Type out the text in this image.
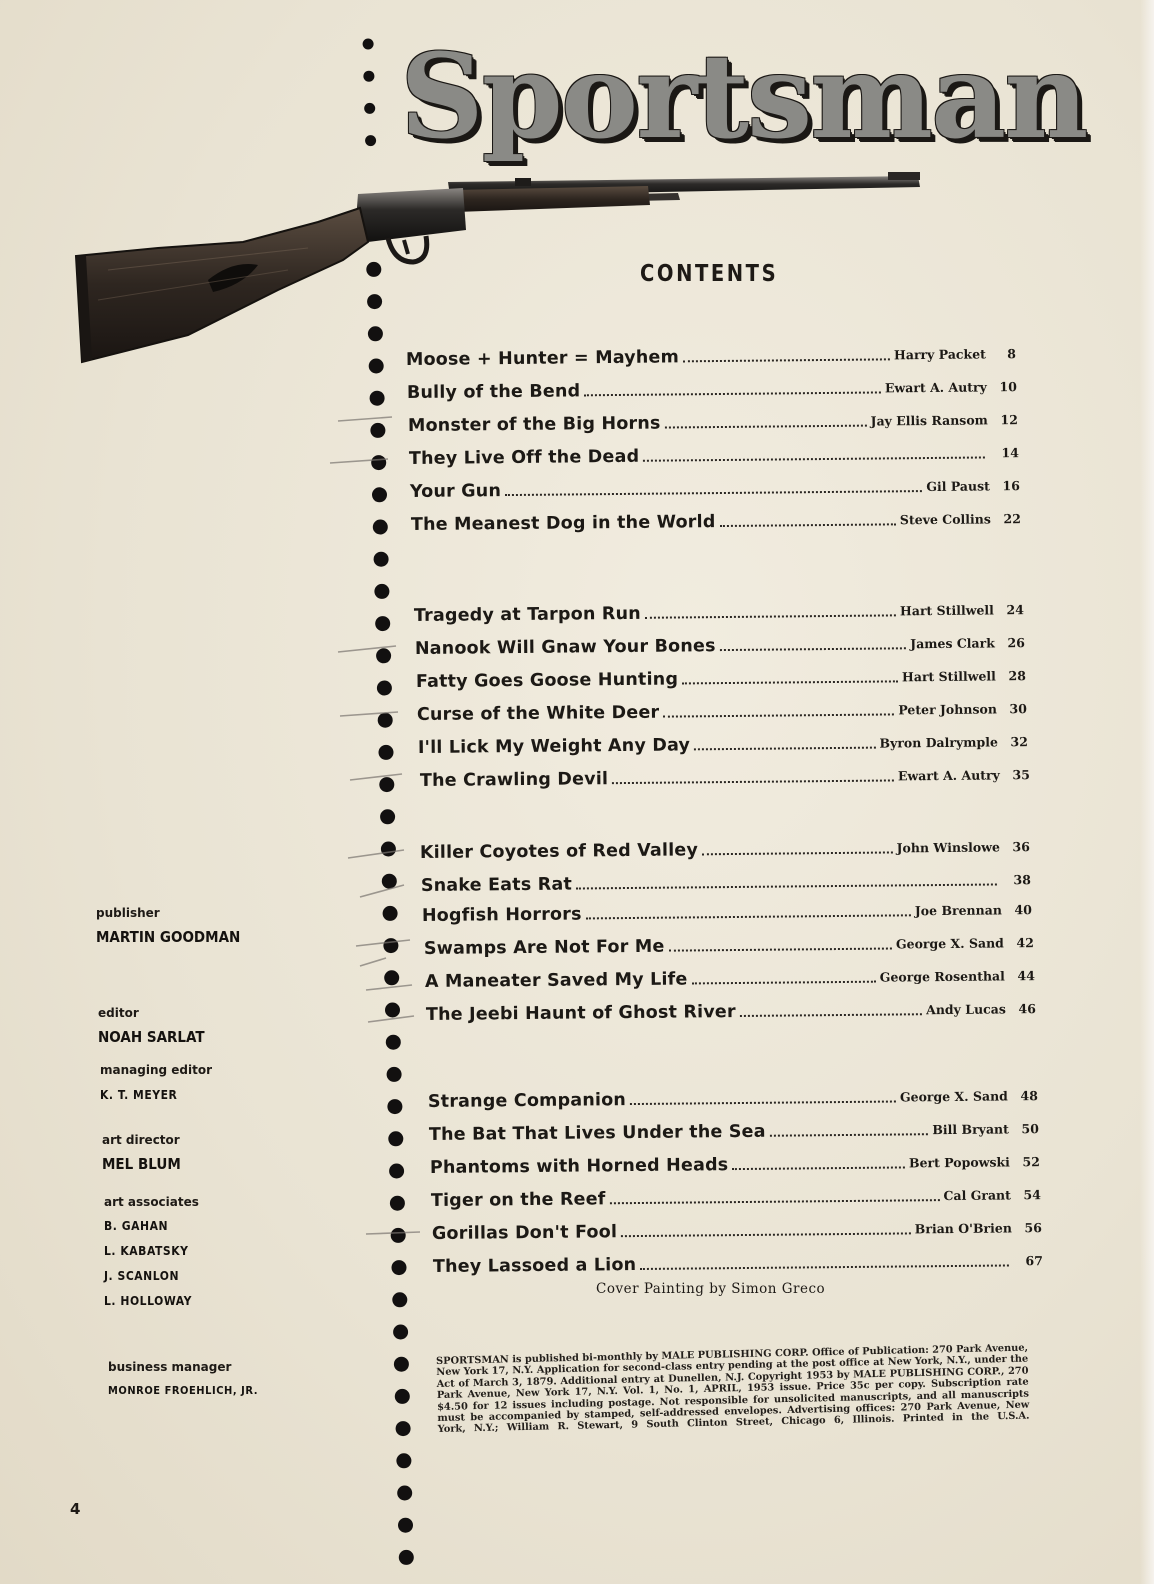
Sportsman
CONTENTS
Moose + Hunter = Mayhem	Harry Packet	8
Bully of the Bend	Ewart A. Autry 10
Monster of the Big Horns	Jay Ellis Ransom 12
They Live Off the Dead	14
Your Gun	Gil Paust 16
The Meanest Dog in the World	Steve Collins 22
Tragedy at Tarpon Run	Hart Stillwell 24
Nanook Will Gnaw Your Bones	James Clark 26
Fatty Goes Goose Hunting	Hart Stillwell 28
Curse of the White Deer	Peter Johnson 30
I'll Lick My Weight Any Day	Byron Dalrymple 32
The Crawling Devil	Ewart A. Autry 35
Killer Coyotes of Red Valley	John Winslowe 36
Snake Eats Rat	38
Hogfish Horrors	Joe Brennan 40
Swamps Are Not For Me	George X. Sand 42
A Maneater Saved My Life	George Rosenthal 44
The Jeebi Haunt of Ghost River	Andy Lucas 46
Strange Companion	George X. Sand 48
The Bat That Lives Under the Sea	Bill Bryant 50
Phantoms with Horned Heads	Bert Popowski 52
Tiger on the Reef	Cal Grant 54
Gorillas Don't Fool	Brian O'Brien 56
They Lassoed a Lion	67
Cover Painting by Simon Greco
publisher
MARTIN GOODMAN
editor
NOAH SARLAT
managing editor
K. T. MEYER
art director
MEL BLUM
art associates
B. GAHAN
L. KABATSKY
J. SCANLON
L. HOLLOWAY
business manager
MONROE FROEHLICH, JR.
SPORTSMAN is published bi-monthly by MALE PUBLISHING CORP. Office of Publication: 270 Park Avenue, New York 17, N.Y. Application for second-class entry pending at the post office at New York, N.Y., under the Act of March 3, 1879. Additional entry at Dunellen, N.J. Copyright 1953 by MALE PUBLISHING CORP., 270 Park Avenue, New York 17, N.Y. Vol. 1, No. 1, APRIL, 1953 issue. Price 35c per copy. Subscription rate $4.50 for 12 issues including postage. Not responsible for unsolicited manuscripts, and all manuscripts must be accompanied by stamped, self-addressed envelopes. Advertising offices: 270 Park Avenue, New York, N.Y.; William R. Stewart, 9 South Clinton Street, Chicago 6, Illinois. Printed in the U.S.A.
4
